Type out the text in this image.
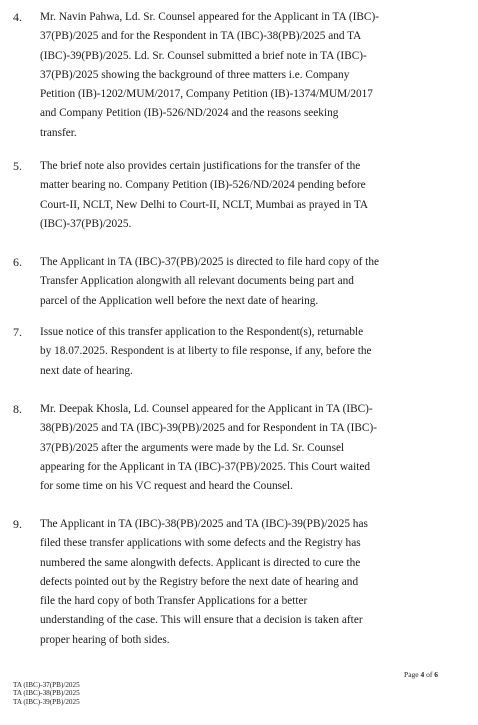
4.	Mr. Navin Pahwa, Ld. Sr. Counsel appeared for the Applicant in TA (IBC)-
37(PB)/2025 and for the Respondent in TA (IBC)-38(PB)/2025 and TA
(IBC)-39(PB)/2025. Ld. Sr. Counsel submitted a brief note in TA (IBC)-
37(PB)/2025 showing the background of three matters i.e. Company
Petition (IB)-1202/MUM/2017, Company Petition (IB)-1374/MUM/2017
and Company Petition (IB)-526/ND/2024 and the reasons seeking
transfer.
5.	The brief note also provides certain justifications for the transfer of the
matter bearing no. Company Petition (IB)-526/ND/2024 pending before
Court-II, NCLT, New Delhi to Court-II, NCLT, Mumbai as prayed in TA
(IBC)-37(PB)/2025.
6.	The Applicant in TA (IBC)-37(PB)/2025 is directed to file hard copy of the
Transfer Application alongwith all relevant documents being part and
parcel of the Application well before the next date of hearing.
7.	Issue notice of this transfer application to the Respondent(s), returnable
by 18.07.2025. Respondent is at liberty to file response, if any, before the
next date of hearing.
8.	Mr. Deepak Khosla, Ld. Counsel appeared for the Applicant in TA (IBC)-
38(PB)/2025 and TA (IBC)-39(PB)/2025 and for Respondent in TA (IBC)-
37(PB)/2025 after the arguments were made by the Ld. Sr. Counsel
appearing for the Applicant in TA (IBC)-37(PB)/2025. This Court waited
for some time on his VC request and heard the Counsel.
9.	The Applicant in TA (IBC)-38(PB)/2025 and TA (IBC)-39(PB)/2025 has
filed these transfer applications with some defects and the Registry has
numbered the same alongwith defects. Applicant is directed to cure the
defects pointed out by the Registry before the next date of hearing and
file the hard copy of both Transfer Applications for a better
understanding of the case. This will ensure that a decision is taken after
proper hearing of both sides.
Page 4 of 6
TA (IBC)-37(PB)/2025
TA (IBC)-38(PB)/2025
TA (IBC)-39(PB)/2025
